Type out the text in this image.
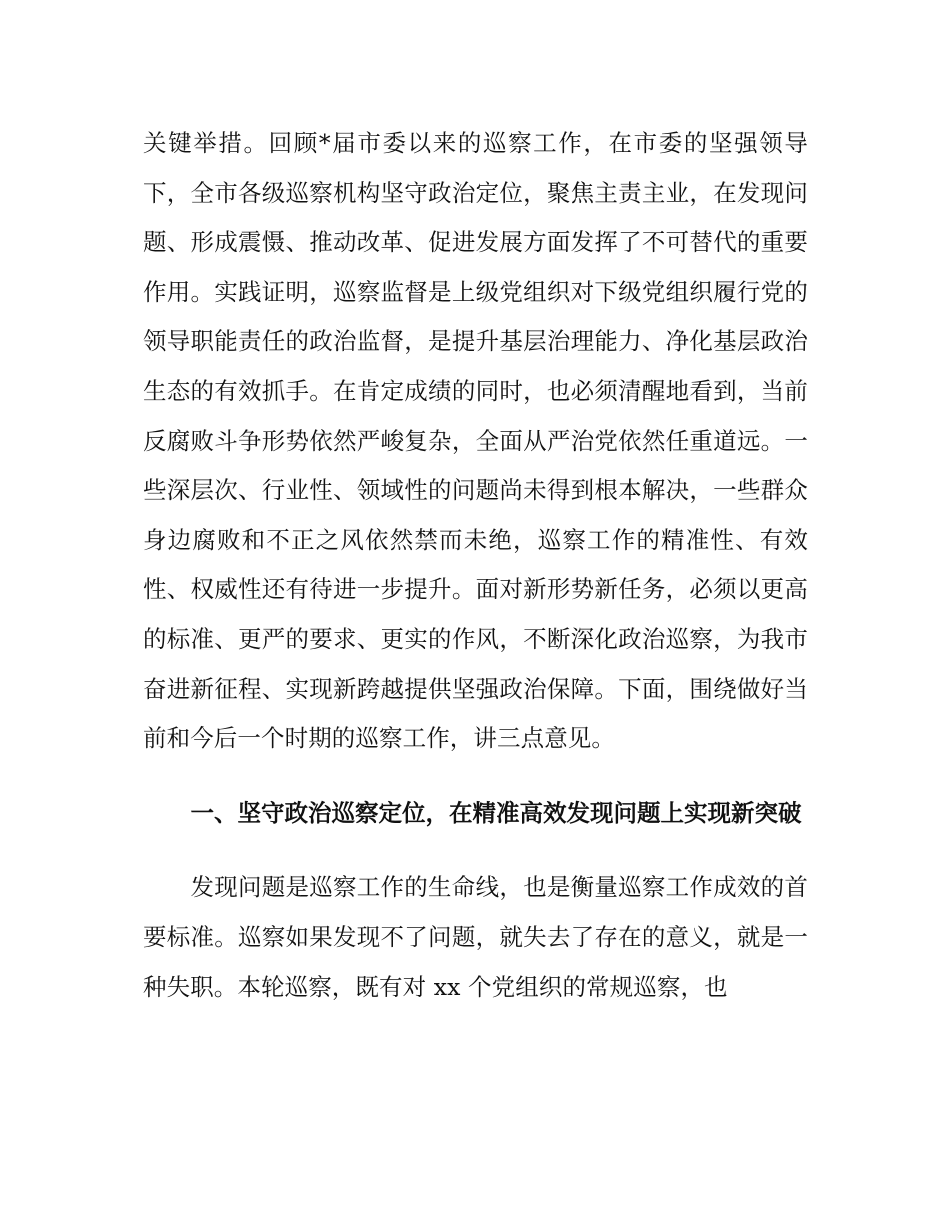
关键举措。回顾*届市委以来的巡察工作，在市委的坚强领导下，全市各级巡察机构坚守政治定位，聚焦主责主业，在发现问题、形成震慑、推动改革、促进发展方面发挥了不可替代的重要作用。实践证明，巡察监督是上级党组织对下级党组织履行党的领导职能责任的政治监督，是提升基层治理能力、净化基层政治生态的有效抓手。在肯定成绩的同时，也必须清醒地看到，当前反腐败斗争形势依然严峻复杂，全面从严治党依然任重道远。一些深层次、行业性、领域性的问题尚未得到根本解决，一些群众身边腐败和不正之风依然禁而未绝，巡察工作的精准性、有效性、权威性还有待进一步提升。面对新形势新任务，必须以更高的标准、更严的要求、更实的作风，不断深化政治巡察，为我市奋进新征程、实现新跨越提供坚强政治保障。下面，围绕做好当前和今后一个时期的巡察工作，讲三点意见。

一、坚守政治巡察定位，在精准高效发现问题上实现新突破

发现问题是巡察工作的生命线，也是衡量巡察工作成效的首要标准。巡察如果发现不了问题，就失去了存在的意义，就是一种失职。本轮巡察，既有对 xx 个党组织的常规巡察，也
